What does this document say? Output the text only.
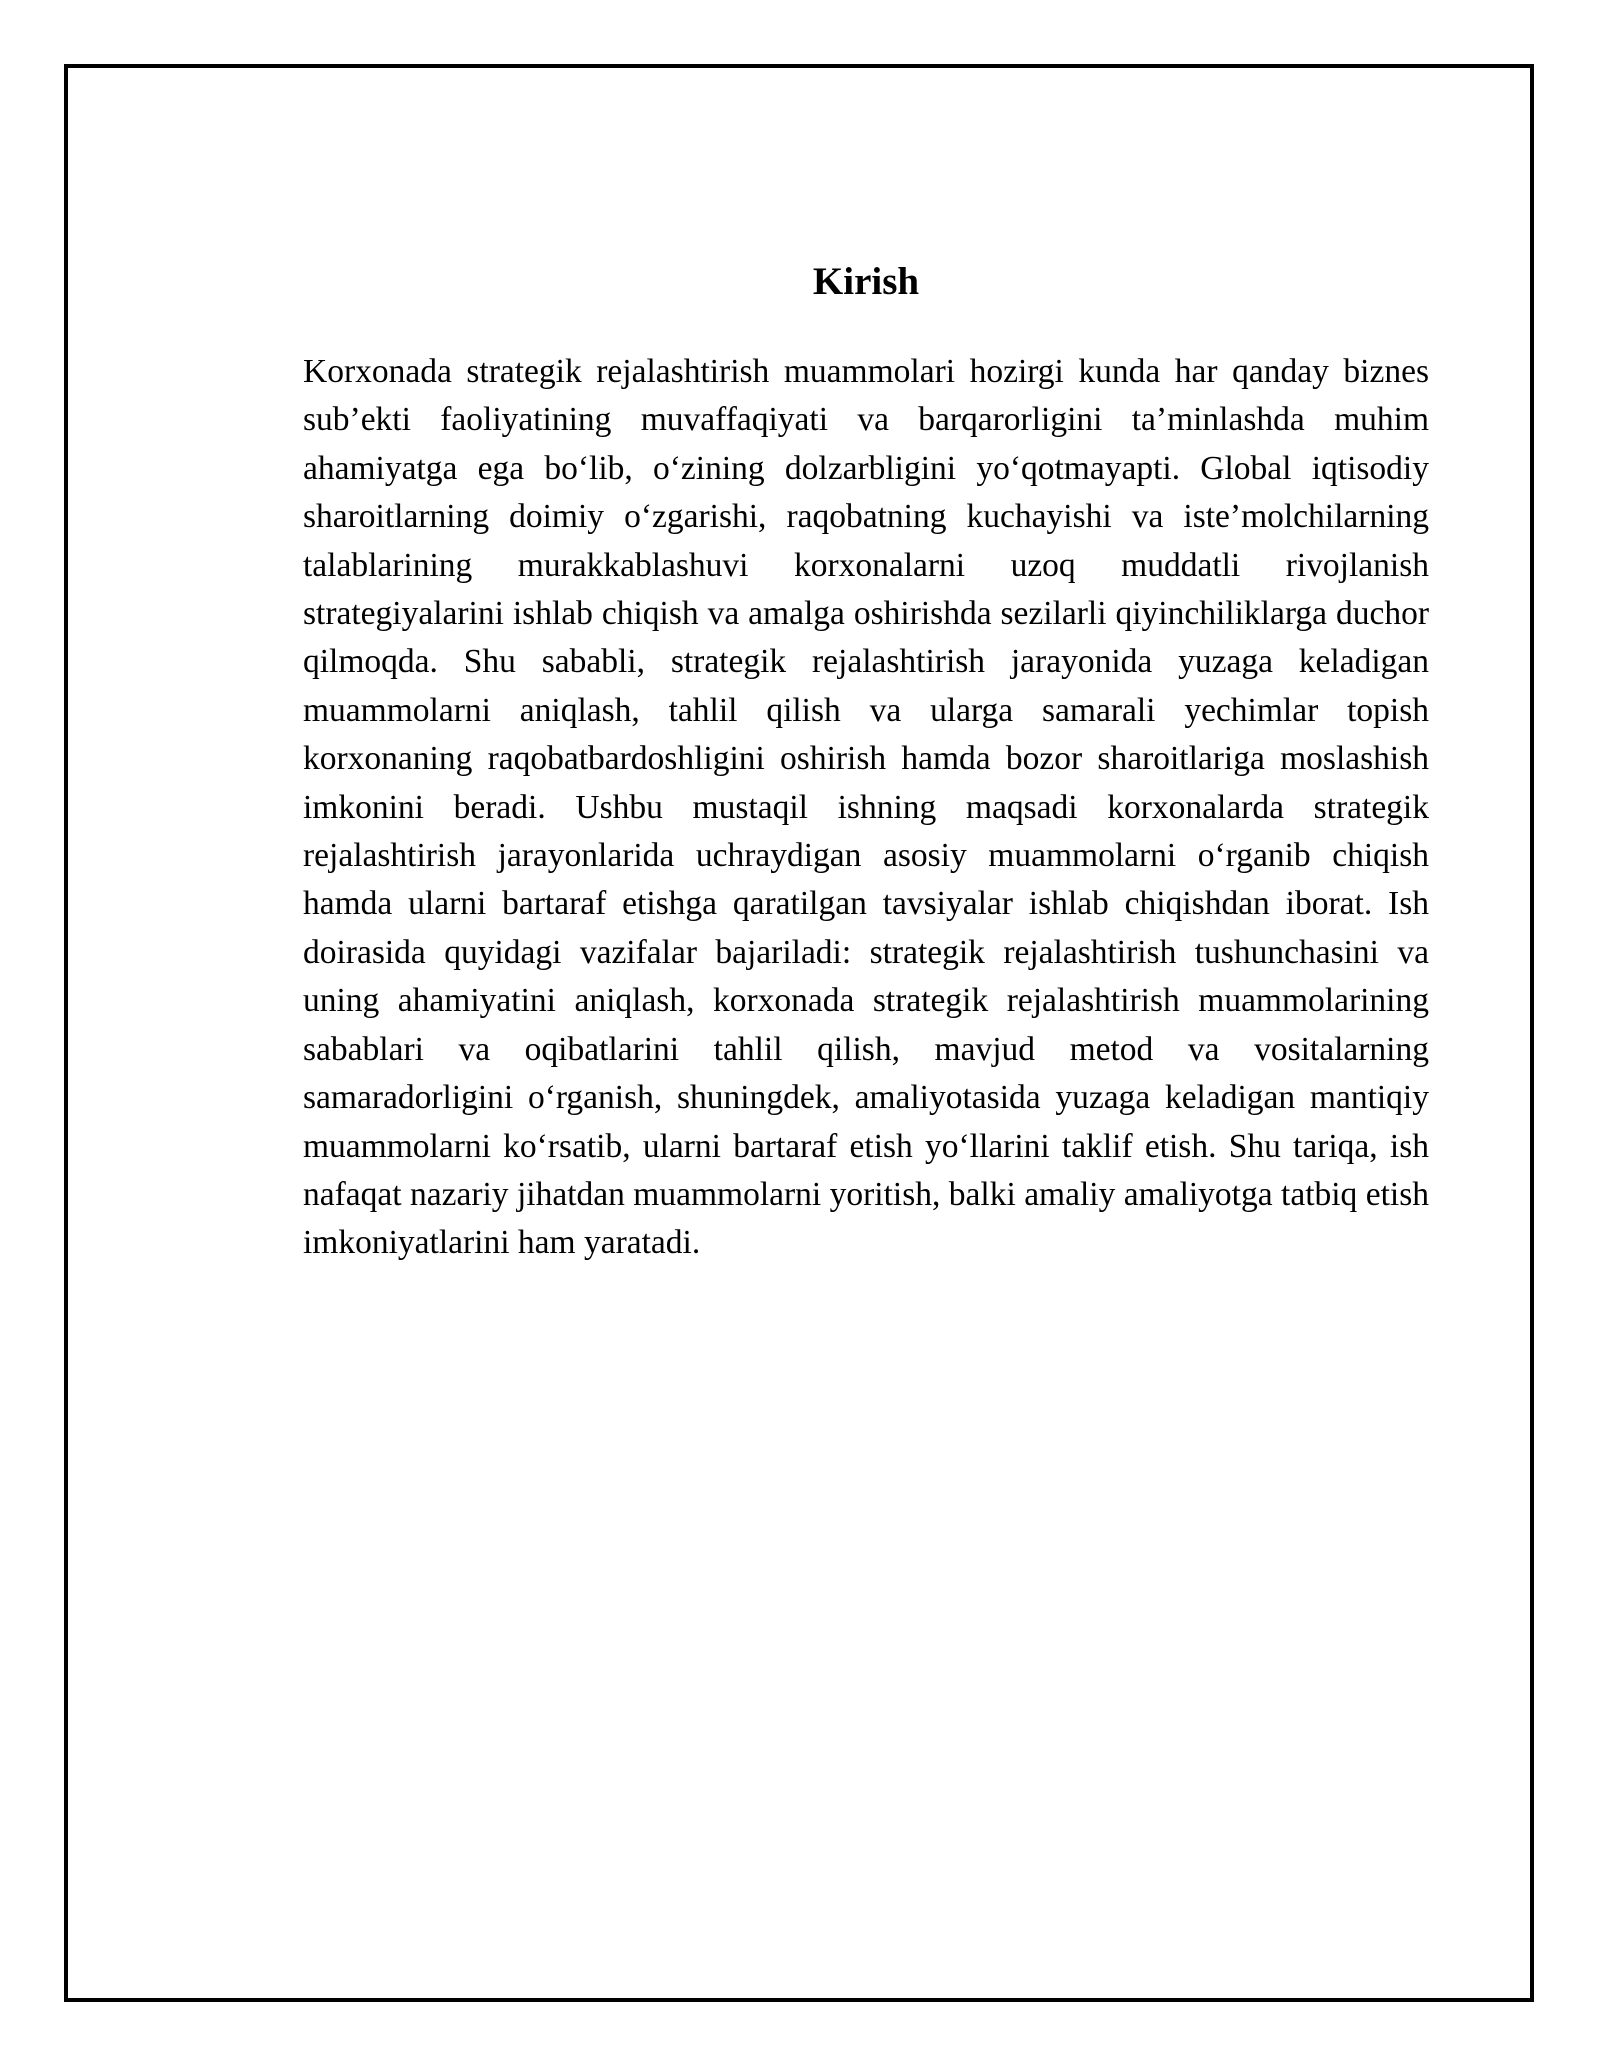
Kirish

Korxonada strategik rejalashtirish muammolari hozirgi kunda har qanday biznes sub’ekti faoliyatining muvaffaqiyati va barqarorligini ta’minlashda muhim ahamiyatga ega bo‘lib, o‘zining dolzarbligini yo‘qotmayapti. Global iqtisodiy sharoitlarning doimiy o‘zgarishi, raqobatning kuchayishi va iste’molchilarning talablarining murakkablashuvi korxonalarni uzoq muddatli rivojlanish strategiyalarini ishlab chiqish va amalga oshirishda sezilarli qiyinchiliklarga duchor qilmoqda. Shu sababli, strategik rejalashtirish jarayonida yuzaga keladigan muammolarni aniqlash, tahlil qilish va ularga samarali yechimlar topish korxonaning raqobatbardoshligini oshirish hamda bozor sharoitlariga moslashish imkonini beradi. Ushbu mustaqil ishning maqsadi korxonalarda strategik rejalashtirish jarayonlarida uchraydigan asosiy muammolarni o‘rganib chiqish hamda ularni bartaraf etishga qaratilgan tavsiyalar ishlab chiqishdan iborat. Ish doirasida quyidagi vazifalar bajariladi: strategik rejalashtirish tushunchasini va uning ahamiyatini aniqlash, korxonada strategik rejalashtirish muammolarining sabablari va oqibatlarini tahlil qilish, mavjud metod va vositalarning samaradorligini o‘rganish, shuningdek, amaliyotasida yuzaga keladigan mantiqiy muammolarni ko‘rsatib, ularni bartaraf etish yo‘llarini taklif etish. Shu tariqa, ish nafaqat nazariy jihatdan muammolarni yoritish, balki amaliy amaliyotga tatbiq etish imkoniyatlarini ham yaratadi.
